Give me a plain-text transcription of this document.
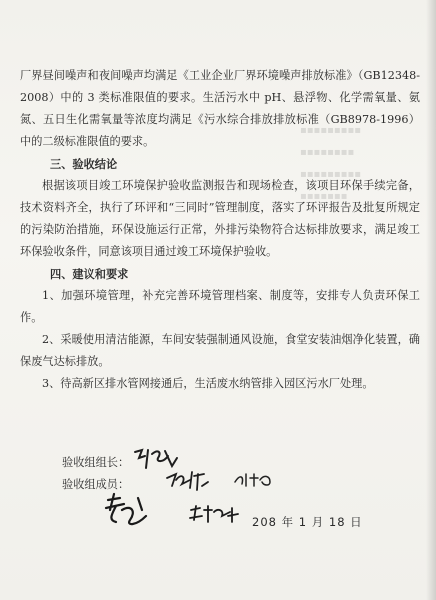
▪▪▪▪▪▪▪▪▪
▪▪▪▪▪▪▪▪
▪▪▪▪▪▪▪▪▪
▪▪▪▪▪▪▪

厂界昼间噪声和夜间噪声均满足《工业企业厂界环境噪声排放标准》（GB12348-2008）中的 3 类标准限值的要求。生活污水中 pH、悬浮物、化学需氧量、氨氮、五日生化需氧量等浓度均满足《污水综合排放排放标准（GB8978-1996）中的二级标准限值的要求。

三、验收结论

根据该项目竣工环境保护验收监测报告和现场检查，该项目环保手续完备，技术资料齐全，执行了环评和“三同时”管理制度，落实了环评报告及批复所规定的污染防治措施，环保设施运行正常，外排污染物符合达标排放要求，满足竣工环保验收条件，同意该项目通过竣工环境保护验收。

四、建议和要求

1、加强环境管理，补充完善环境管理档案、制度等，安排专人负责环保工作。

2、采暖使用清洁能源，车间安装强制通风设施，食堂安装油烟净化装置，确保废气达标排放。

3、待高新区排水管网接通后，生活废水纳管排入园区污水厂处理。

验收组组长：
验收组成员：
208 年 1 月 18 日
